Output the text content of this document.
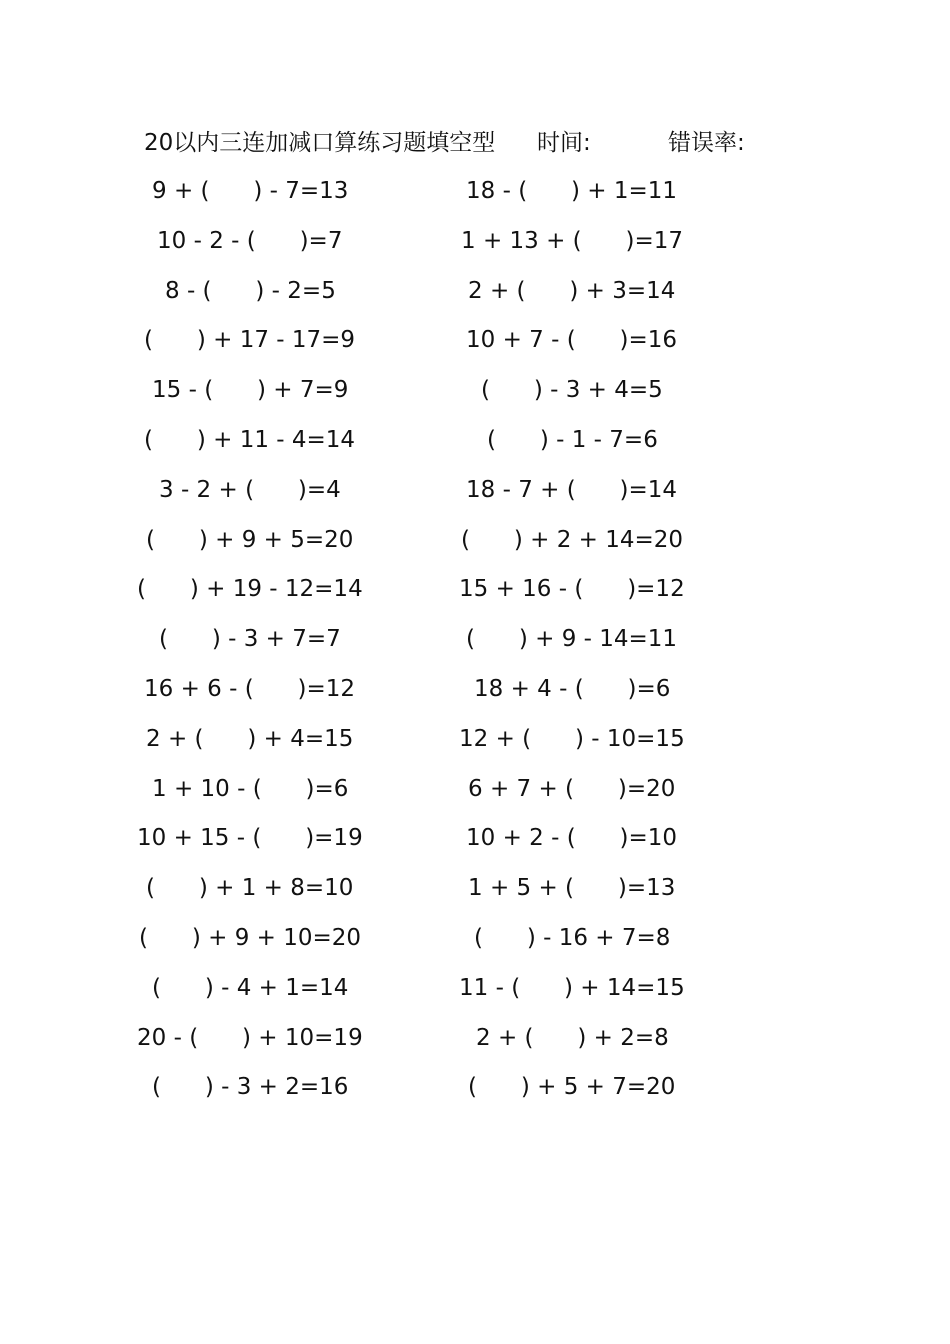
20以内三连加减口算练习题填空型 时间:	错误率:
9 + (      ) - 7=13
10 - 2 - (      )=7
8 - (      ) - 2=5
(      ) + 17 - 17=9
15 - (      ) + 7=9
(      ) + 11 - 4=14
3 - 2 + (      )=4
(      ) + 9 + 5=20
(      ) + 19 - 12=14
(      ) - 3 + 7=7
16 + 6 - (      )=12
2 + (      ) + 4=15
1 + 10 - (      )=6
10 + 15 - (      )=19
(      ) + 1 + 8=10
(      ) + 9 + 10=20
(      ) - 4 + 1=14
20 - (      ) + 10=19
(      ) - 3 + 2=16
18 - (      ) + 1=11
1 + 13 + (      )=17
2 + (      ) + 3=14
10 + 7 - (      )=16
(      ) - 3 + 4=5
(      ) - 1 - 7=6
18 - 7 + (      )=14
(      ) + 2 + 14=20
15 + 16 - (      )=12
(      ) + 9 - 14=11
18 + 4 - (      )=6
12 + (      ) - 10=15
6 + 7 + (      )=20
10 + 2 - (      )=10
1 + 5 + (      )=13
(      ) - 16 + 7=8
11 - (      ) + 14=15
2 + (      ) + 2=8
(      ) + 5 + 7=20
